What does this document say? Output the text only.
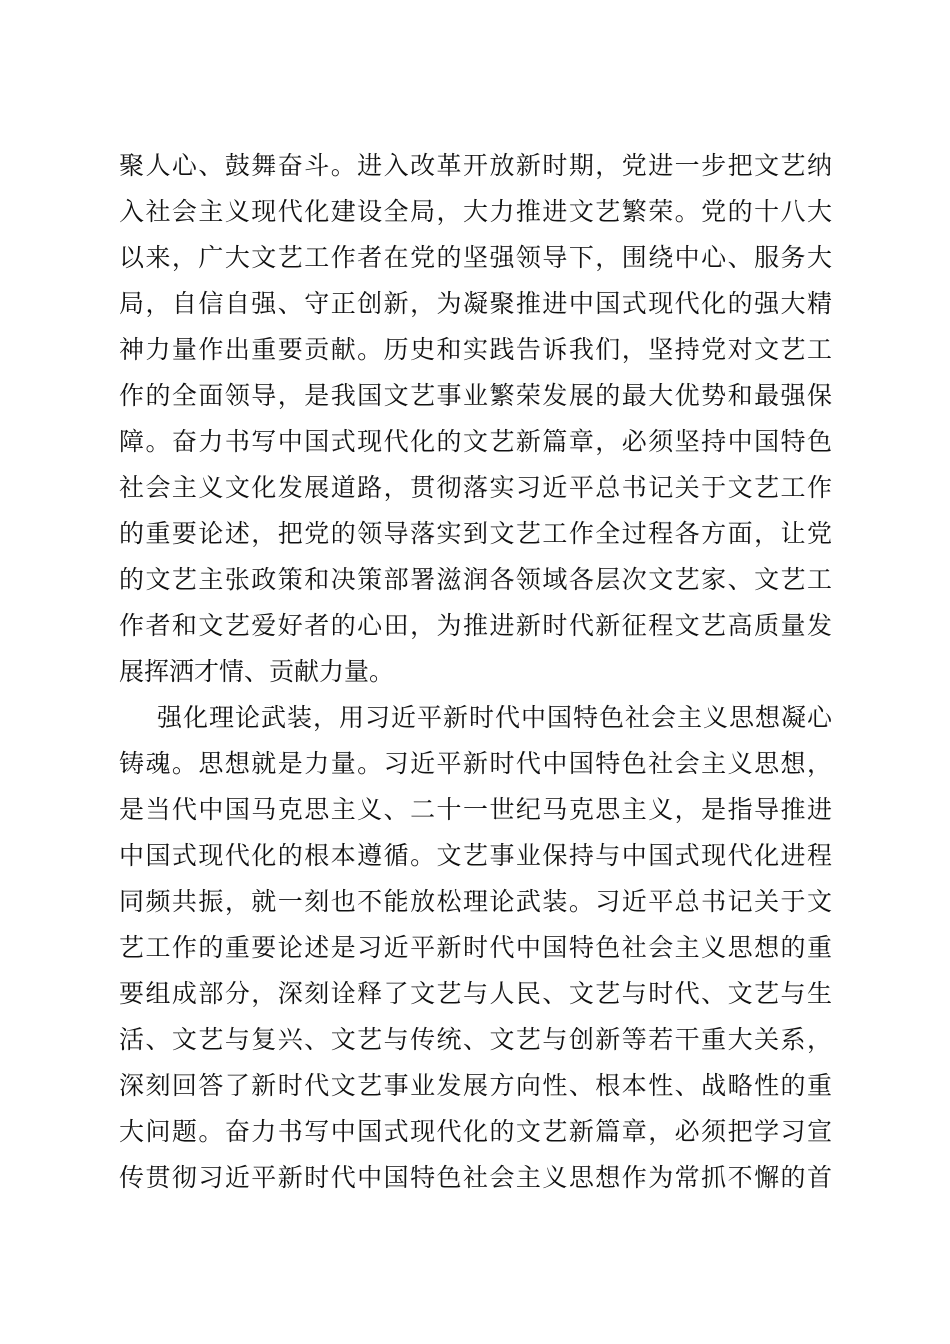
聚人心、鼓舞奋斗。进入改革开放新时期，党进一步把文艺纳
入社会主义现代化建设全局，大力推进文艺繁荣。党的十八大
以来，广大文艺工作者在党的坚强领导下，围绕中心、服务大
局，自信自强、守正创新，为凝聚推进中国式现代化的强大精
神力量作出重要贡献。历史和实践告诉我们，坚持党对文艺工
作的全面领导，是我国文艺事业繁荣发展的最大优势和最强保
障。奋力书写中国式现代化的文艺新篇章，必须坚持中国特色
社会主义文化发展道路，贯彻落实习近平总书记关于文艺工作
的重要论述，把党的领导落实到文艺工作全过程各方面，让党
的文艺主张政策和决策部署滋润各领域各层次文艺家、文艺工
作者和文艺爱好者的心田，为推进新时代新征程文艺高质量发
展挥洒才情、贡献力量。
强化理论武装，用习近平新时代中国特色社会主义思想凝心
铸魂。思想就是力量。习近平新时代中国特色社会主义思想，
是当代中国马克思主义、二十一世纪马克思主义，是指导推进
中国式现代化的根本遵循。文艺事业保持与中国式现代化进程
同频共振，就一刻也不能放松理论武装。习近平总书记关于文
艺工作的重要论述是习近平新时代中国特色社会主义思想的重
要组成部分，深刻诠释了文艺与人民、文艺与时代、文艺与生
活、文艺与复兴、文艺与传统、文艺与创新等若干重大关系，
深刻回答了新时代文艺事业发展方向性、根本性、战略性的重
大问题。奋力书写中国式现代化的文艺新篇章，必须把学习宣
传贯彻习近平新时代中国特色社会主义思想作为常抓不懈的首
